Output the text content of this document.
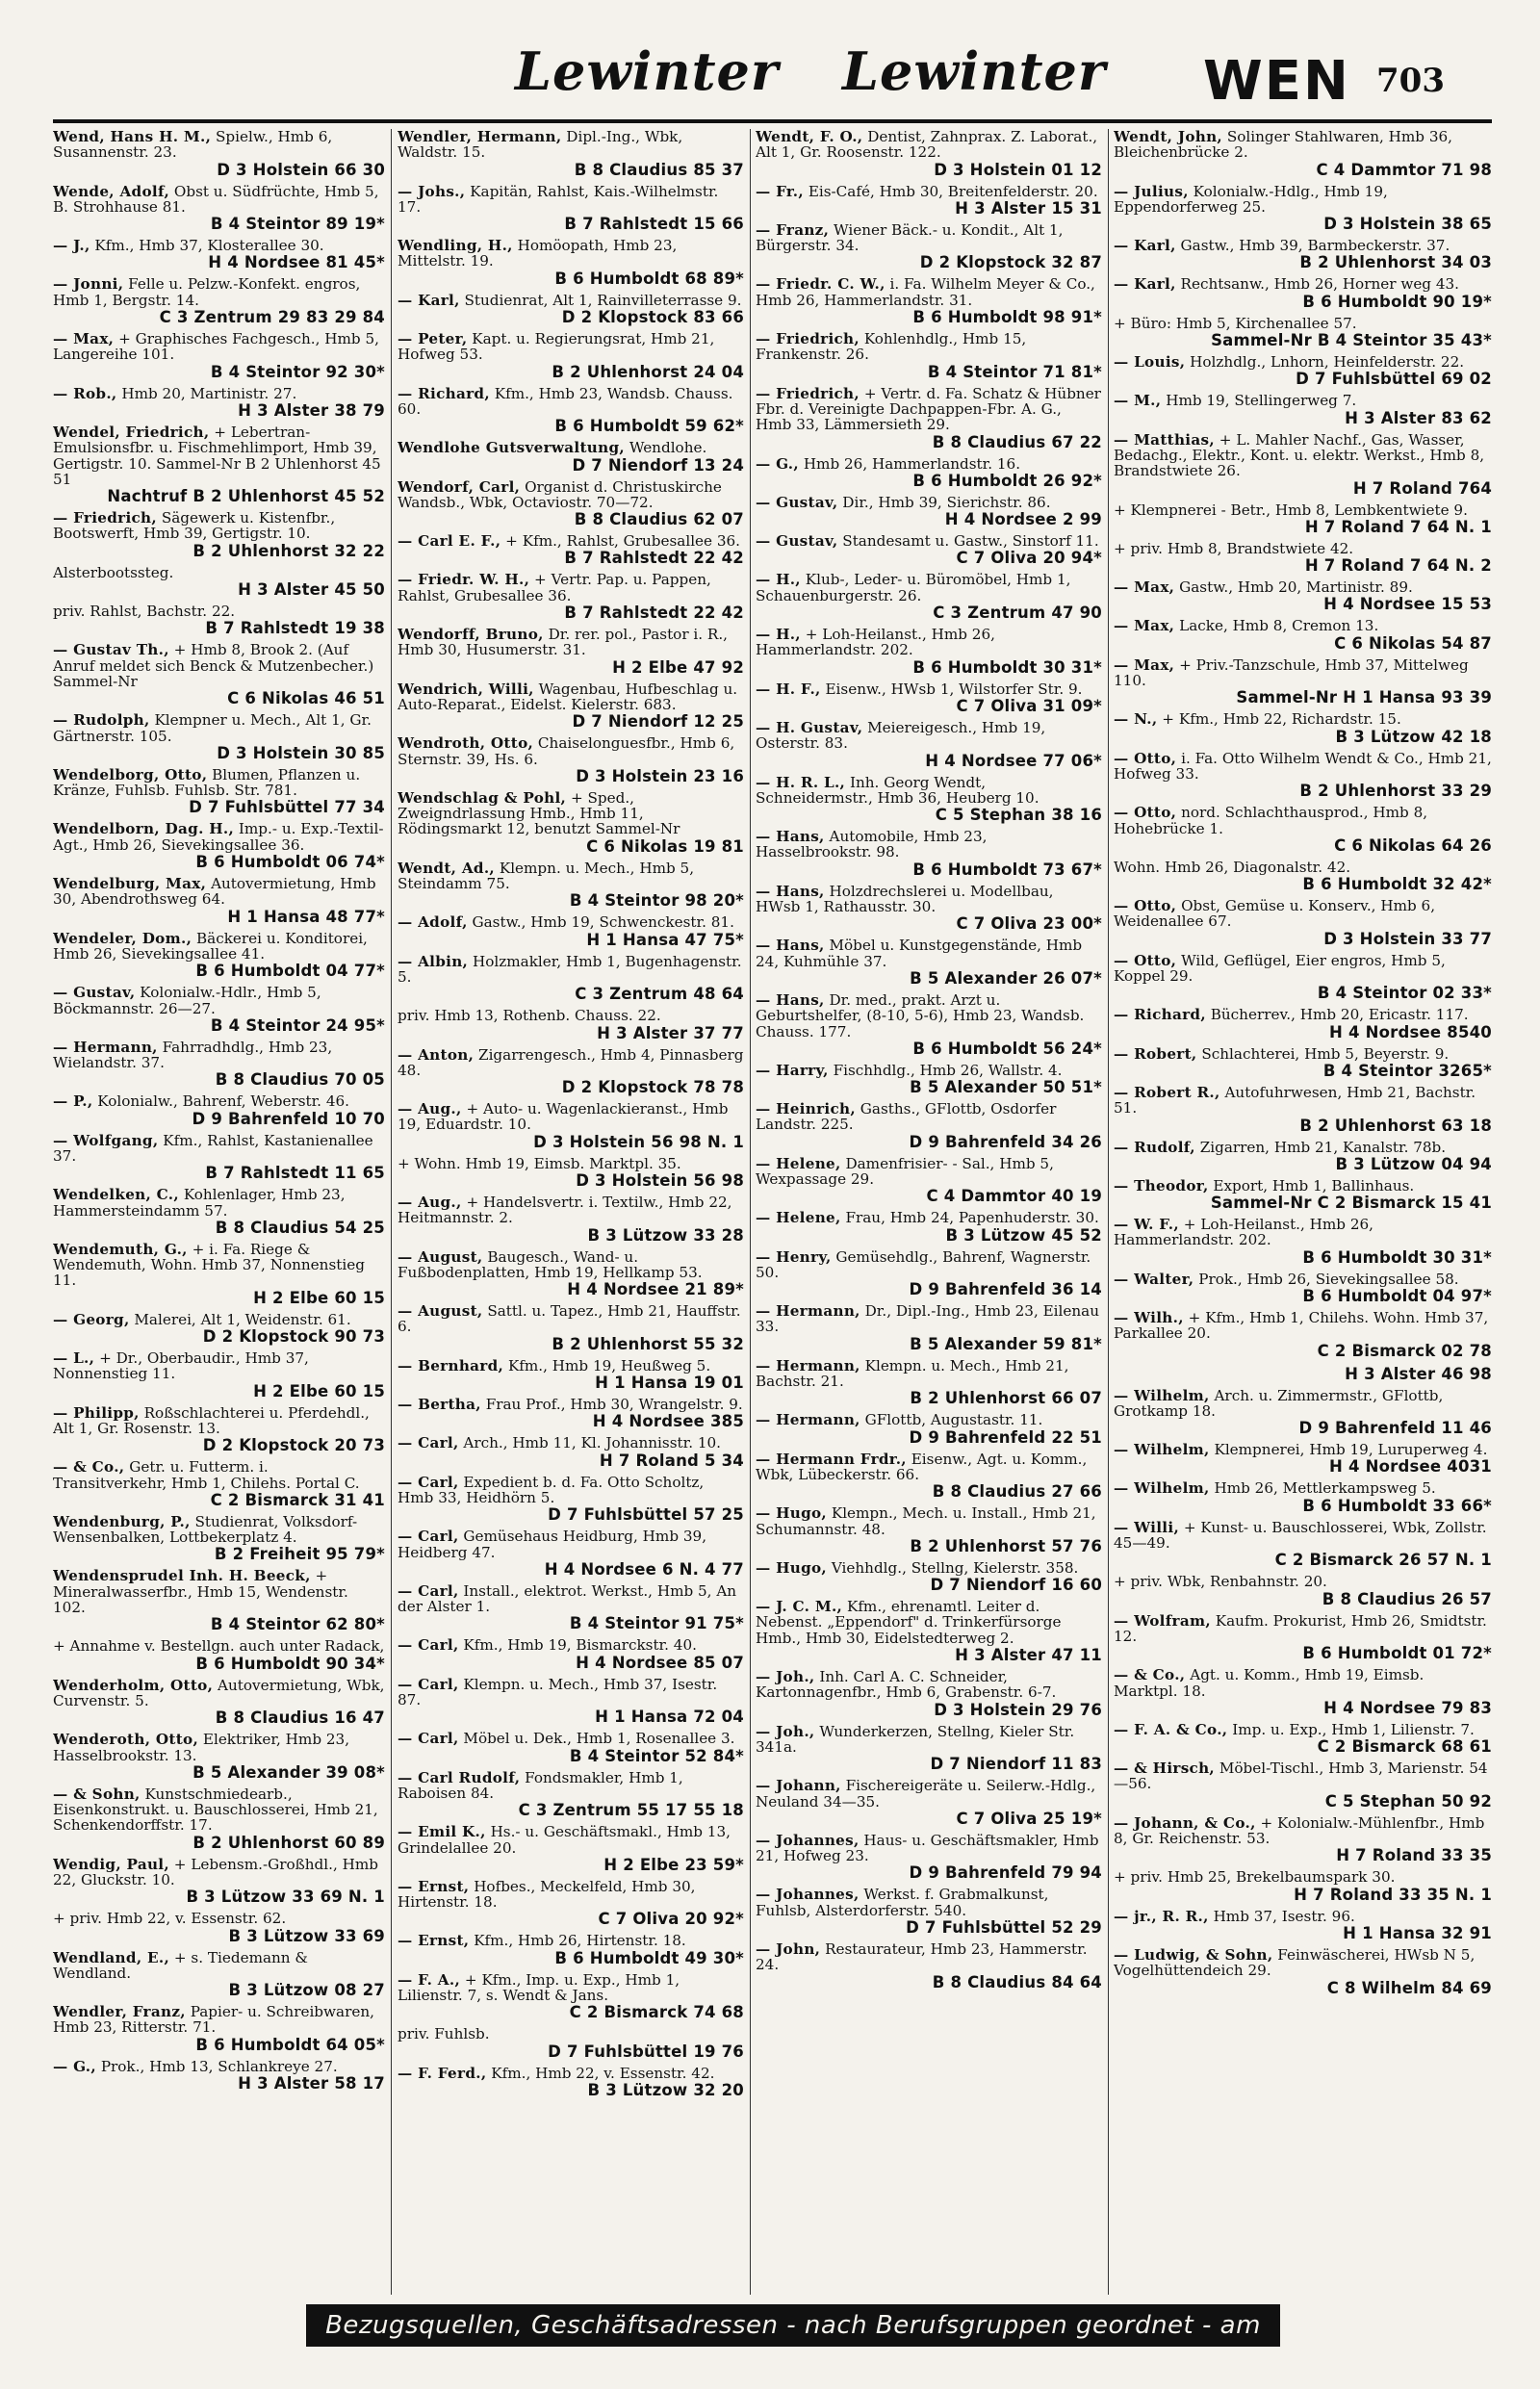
Lewinter Lewinter WEN 703
Wend, Hans H. M., Spielw., Hmb 6, Susannenstr. 23.
D 3 Holstein 66 30
Wende, Adolf, Obst u. Südfrüchte, Hmb 5, B. Strohhause 81.
B 4 Steintor 89 19*
— J., Kfm., Hmb 37, Klosterallee 30.
H 4 Nordsee 81 45*
— Jonni, Felle u. Pelzw.-Konfekt. engros, Hmb 1, Bergstr. 14.
C 3 Zentrum 29 83 29 84
— Max, + Graphisches Fachgesch., Hmb 5, Langereihe 101.
B 4 Steintor 92 30*
— Rob., Hmb 20, Martinistr. 27.
H 3 Alster 38 79
Wendel, Friedrich, + Lebertran-Emulsionsfbr. u. Fischmehlimport, Hmb 39, Gertigstr. 10. Sammel-Nr B 2 Uhlenhorst 45 51
Nachtruf B 2 Uhlenhorst 45 52
— Friedrich, Sägewerk u. Kistenfbr., Bootswerft, Hmb 39, Gertigstr. 10.
B 2 Uhlenhorst 32 22
Alsterbootssteg.
H 3 Alster 45 50
priv. Rahlst, Bachstr. 22.
B 7 Rahlstedt 19 38
— Gustav Th., + Hmb 8, Brook 2. (Auf Anruf meldet sich Benck & Mutzenbecher.) Sammel-Nr
C 6 Nikolas 46 51
— Rudolph, Klempner u. Mech., Alt 1, Gr. Gärtnerstr. 105.
D 3 Holstein 30 85
Wendelborg, Otto, Blumen, Pflanzen u. Kränze, Fuhlsb. Fuhlsb. Str. 781.
D 7 Fuhlsbüttel 77 34
Wendelborn, Dag. H., Imp.- u. Exp.-Textil-Agt., Hmb 26, Sievekingsallee 36.
B 6 Humboldt 06 74*
Wendelburg, Max, Autovermietung, Hmb 30, Abendrothsweg 64.
H 1 Hansa 48 77*
Wendeler, Dom., Bäckerei u. Konditorei, Hmb 26, Sievekingsallee 41.
B 6 Humboldt 04 77*
— Gustav, Kolonialw.-Hdlr., Hmb 5, Böckmannstr. 26—27.
B 4 Steintor 24 95*
— Hermann, Fahrradhdlg., Hmb 23, Wielandstr. 37.
B 8 Claudius 70 05
— P., Kolonialw., Bahrenf, Weberstr. 46.
D 9 Bahrenfeld 10 70
— Wolfgang, Kfm., Rahlst, Kastanienallee 37.
B 7 Rahlstedt 11 65
Wendelken, C., Kohlenlager, Hmb 23, Hammersteindamm 57.
B 8 Claudius 54 25
Wendemuth, G., + i. Fa. Riege & Wendemuth, Wohn. Hmb 37, Nonnenstieg 11.
H 2 Elbe 60 15
— Georg, Malerei, Alt 1, Weidenstr. 61.
D 2 Klopstock 90 73
— L., + Dr., Oberbaudir., Hmb 37, Nonnenstieg 11.
H 2 Elbe 60 15
— Philipp, Roßschlachterei u. Pferdehdl., Alt 1, Gr. Rosenstr. 13.
D 2 Klopstock 20 73
— & Co., Getr. u. Futterm. i. Transitverkehr, Hmb 1, Chilehs. Portal C.
C 2 Bismarck 31 41
Wendenburg, P., Studienrat, Volksdorf-Wensenbalken, Lottbekerplatz 4.
B 2 Freiheit 95 79*
Wendensprudel Inh. H. Beeck, + Mineralwasserfbr., Hmb 15, Wendenstr. 102.
B 4 Steintor 62 80*
+ Annahme v. Bestellgn. auch unter Radack,
B 6 Humboldt 90 34*
Wenderholm, Otto, Autovermietung, Wbk, Curvenstr. 5.
B 8 Claudius 16 47
Wenderoth, Otto, Elektriker, Hmb 23, Hasselbrookstr. 13.
B 5 Alexander 39 08*
— & Sohn, Kunstschmiedearb., Eisenkonstrukt. u. Bauschlosserei, Hmb 21, Schenkendorffstr. 17.
B 2 Uhlenhorst 60 89
Wendig, Paul, + Lebensm.-Großhdl., Hmb 22, Gluckstr. 10.
B 3 Lützow 33 69 N. 1
+ priv. Hmb 22, v. Essenstr. 62.
B 3 Lützow 33 69
Wendland, E., + s. Tiedemann & Wendland.
B 3 Lützow 08 27
Wendler, Franz, Papier- u. Schreibwaren, Hmb 23, Ritterstr. 71.
B 6 Humboldt 64 05*
— G., Prok., Hmb 13, Schlankreye 27.
H 3 Alster 58 17
Wendler, Hermann, Dipl.-Ing., Wbk, Waldstr. 15.
B 8 Claudius 85 37
— Johs., Kapitän, Rahlst, Kais.-Wilhelmstr. 17.
B 7 Rahlstedt 15 66
Wendling, H., Homöopath, Hmb 23, Mittelstr. 19.
B 6 Humboldt 68 89*
— Karl, Studienrat, Alt 1, Rainvilleterrasse 9.
D 2 Klopstock 83 66
— Peter, Kapt. u. Regierungsrat, Hmb 21, Hofweg 53.
B 2 Uhlenhorst 24 04
— Richard, Kfm., Hmb 23, Wandsb. Chauss. 60.
B 6 Humboldt 59 62*
Wendlohe Gutsverwaltung, Wendlohe.
D 7 Niendorf 13 24
Wendorf, Carl, Organist d. Christuskirche Wandsb., Wbk, Octaviostr. 70—72.
B 8 Claudius 62 07
— Carl E. F., + Kfm., Rahlst, Grubesallee 36.
B 7 Rahlstedt 22 42
— Friedr. W. H., + Vertr. Pap. u. Pappen, Rahlst, Grubesallee 36.
B 7 Rahlstedt 22 42
Wendorff, Bruno, Dr. rer. pol., Pastor i. R., Hmb 30, Husumerstr. 31.
H 2 Elbe 47 92
Wendrich, Willi, Wagenbau, Hufbeschlag u. Auto-Reparat., Eidelst. Kielerstr. 683.
D 7 Niendorf 12 25
Wendroth, Otto, Chaiselonguesfbr., Hmb 6, Sternstr. 39, Hs. 6.
D 3 Holstein 23 16
Wendschlag & Pohl, + Sped., Zweigndrlassung Hmb., Hmb 11, Rödingsmarkt 12, benutzt Sammel-Nr
C 6 Nikolas 19 81
Wendt, Ad., Klempn. u. Mech., Hmb 5, Steindamm 75.
B 4 Steintor 98 20*
— Adolf, Gastw., Hmb 19, Schwenckestr. 81.
H 1 Hansa 47 75*
— Albin, Holzmakler, Hmb 1, Bugenhagenstr. 5.
C 3 Zentrum 48 64
priv. Hmb 13, Rothenb. Chauss. 22.
H 3 Alster 37 77
— Anton, Zigarrengesch., Hmb 4, Pinnasberg 48.
D 2 Klopstock 78 78
— Aug., + Auto- u. Wagenlackieranst., Hmb 19, Eduardstr. 10.
D 3 Holstein 56 98 N. 1
+ Wohn. Hmb 19, Eimsb. Marktpl. 35.
D 3 Holstein 56 98
— Aug., + Handelsvertr. i. Textilw., Hmb 22, Heitmannstr. 2.
B 3 Lützow 33 28
— August, Baugesch., Wand- u. Fußbodenplatten, Hmb 19, Hellkamp 53.
H 4 Nordsee 21 89*
— August, Sattl. u. Tapez., Hmb 21, Hauffstr. 6.
B 2 Uhlenhorst 55 32
— Bernhard, Kfm., Hmb 19, Heußweg 5.
H 1 Hansa 19 01
— Bertha, Frau Prof., Hmb 30, Wrangelstr. 9.
H 4 Nordsee 385
— Carl, Arch., Hmb 11, Kl. Johannisstr. 10.
H 7 Roland 5 34
— Carl, Expedient b. d. Fa. Otto Scholtz, Hmb 33, Heidhörn 5.
D 7 Fuhlsbüttel 57 25
— Carl, Gemüsehaus Heidburg, Hmb 39, Heidberg 47.
H 4 Nordsee 6 N. 4 77
— Carl, Install., elektrot. Werkst., Hmb 5, An der Alster 1.
B 4 Steintor 91 75*
— Carl, Kfm., Hmb 19, Bismarckstr. 40.
H 4 Nordsee 85 07
— Carl, Klempn. u. Mech., Hmb 37, Isestr. 87.
H 1 Hansa 72 04
— Carl, Möbel u. Dek., Hmb 1, Rosenallee 3.
B 4 Steintor 52 84*
— Carl Rudolf, Fondsmakler, Hmb 1, Raboisen 84.
C 3 Zentrum 55 17 55 18
— Emil K., Hs.- u. Geschäftsmakl., Hmb 13, Grindelallee 20.
H 2 Elbe 23 59*
— Ernst, Hofbes., Meckelfeld, Hmb 30, Hirtenstr. 18.
C 7 Oliva 20 92*
— Ernst, Kfm., Hmb 26, Hirtenstr. 18.
B 6 Humboldt 49 30*
— F. A., + Kfm., Imp. u. Exp., Hmb 1, Lilienstr. 7, s. Wendt & Jans.
C 2 Bismarck 74 68
priv. Fuhlsb.
D 7 Fuhlsbüttel 19 76
— F. Ferd., Kfm., Hmb 22, v. Essenstr. 42.
B 3 Lützow 32 20
Wendt, F. O., Dentist, Zahnprax. Z. Laborat., Alt 1, Gr. Roosenstr. 122.
D 3 Holstein 01 12
— Fr., Eis-Café, Hmb 30, Breitenfelderstr. 20.
H 3 Alster 15 31
— Franz, Wiener Bäck.- u. Kondit., Alt 1, Bürgerstr. 34.
D 2 Klopstock 32 87
— Friedr. C. W., i. Fa. Wilhelm Meyer & Co., Hmb 26, Hammerlandstr. 31.
B 6 Humboldt 98 91*
— Friedrich, Kohlenhdlg., Hmb 15, Frankenstr. 26.
B 4 Steintor 71 81*
— Friedrich, + Vertr. d. Fa. Schatz & Hübner Fbr. d. Vereinigte Dachpappen-Fbr. A. G., Hmb 33, Lämmersieth 29.
B 8 Claudius 67 22
— G., Hmb 26, Hammerlandstr. 16.
B 6 Humboldt 26 92*
— Gustav, Dir., Hmb 39, Sierichstr. 86.
H 4 Nordsee 2 99
— Gustav, Standesamt u. Gastw., Sinstorf 11.
C 7 Oliva 20 94*
— H., Klub-, Leder- u. Büromöbel, Hmb 1, Schauenburgerstr. 26.
C 3 Zentrum 47 90
— H., + Loh-Heilanst., Hmb 26, Hammerlandstr. 202.
B 6 Humboldt 30 31*
— H. F., Eisenw., HWsb 1, Wilstorfer Str. 9.
C 7 Oliva 31 09*
— H. Gustav, Meiereigesch., Hmb 19, Osterstr. 83.
H 4 Nordsee 77 06*
— H. R. L., Inh. Georg Wendt, Schneidermstr., Hmb 36, Heuberg 10.
C 5 Stephan 38 16
— Hans, Automobile, Hmb 23, Hasselbrookstr. 98.
B 6 Humboldt 73 67*
— Hans, Holzdrechslerei u. Modellbau, HWsb 1, Rathausstr. 30.
C 7 Oliva 23 00*
— Hans, Möbel u. Kunstgegenstände, Hmb 24, Kuhmühle 37.
B 5 Alexander 26 07*
— Hans, Dr. med., prakt. Arzt u. Geburtshelfer, (8-10, 5-6), Hmb 23, Wandsb. Chauss. 177.
B 6 Humboldt 56 24*
— Harry, Fischhdlg., Hmb 26, Wallstr. 4.
B 5 Alexander 50 51*
— Heinrich, Gasths., GFlottb, Osdorfer Landstr. 225.
D 9 Bahrenfeld 34 26
— Helene, Damenfrisier- - Sal., Hmb 5, Wexpassage 29.
C 4 Dammtor 40 19
— Helene, Frau, Hmb 24, Papenhuderstr. 30.
B 3 Lützow 45 52
— Henry, Gemüsehdlg., Bahrenf, Wagnerstr. 50.
D 9 Bahrenfeld 36 14
— Hermann, Dr., Dipl.-Ing., Hmb 23, Eilenau 33.
B 5 Alexander 59 81*
— Hermann, Klempn. u. Mech., Hmb 21, Bachstr. 21.
B 2 Uhlenhorst 66 07
— Hermann, GFlottb, Augustastr. 11.
D 9 Bahrenfeld 22 51
— Hermann Frdr., Eisenw., Agt. u. Komm., Wbk, Lübeckerstr. 66.
B 8 Claudius 27 66
— Hugo, Klempn., Mech. u. Install., Hmb 21, Schumannstr. 48.
B 2 Uhlenhorst 57 76
— Hugo, Viehhdlg., Stellng, Kielerstr. 358.
D 7 Niendorf 16 60
— J. C. M., Kfm., ehrenamtl. Leiter d. Nebenst. „Eppendorf" d. Trinkerfürsorge Hmb., Hmb 30, Eidelstedterweg 2.
H 3 Alster 47 11
— Joh., Inh. Carl A. C. Schneider, Kartonnagenfbr., Hmb 6, Grabenstr. 6-7.
D 3 Holstein 29 76
— Joh., Wunderkerzen, Stellng, Kieler Str. 341a.
D 7 Niendorf 11 83
— Johann, Fischereigeräte u. Seilerw.-Hdlg., Neuland 34—35.
C 7 Oliva 25 19*
— Johannes, Haus- u. Geschäftsmakler, Hmb 21, Hofweg 23.
D 9 Bahrenfeld 79 94
— Johannes, Werkst. f. Grabmalkunst, Fuhlsb, Alsterdorferstr. 540.
D 7 Fuhlsbüttel 52 29
— John, Restaurateur, Hmb 23, Hammerstr. 24.
B 8 Claudius 84 64
Wendt, John, Solinger Stahlwaren, Hmb 36, Bleichenbrücke 2.
C 4 Dammtor 71 98
— Julius, Kolonialw.-Hdlg., Hmb 19, Eppendorferweg 25.
D 3 Holstein 38 65
— Karl, Gastw., Hmb 39, Barmbeckerstr. 37.
B 2 Uhlenhorst 34 03
— Karl, Rechtsanw., Hmb 26, Horner weg 43.
B 6 Humboldt 90 19*
+ Büro: Hmb 5, Kirchenallee 57.
Sammel-Nr B 4 Steintor 35 43*
— Louis, Holzhdlg., Lnhorn, Heinfelderstr. 22.
D 7 Fuhlsbüttel 69 02
— M., Hmb 19, Stellingerweg 7.
H 3 Alster 83 62
— Matthias, + L. Mahler Nachf., Gas, Wasser, Bedachg., Elektr., Kont. u. elektr. Werkst., Hmb 8, Brandstwiete 26.
H 7 Roland 764
+ Klempnerei - Betr., Hmb 8, Lembkentwiete 9.
H 7 Roland 7 64 N. 1
+ priv. Hmb 8, Brandstwiete 42.
H 7 Roland 7 64 N. 2
— Max, Gastw., Hmb 20, Martinistr. 89.
H 4 Nordsee 15 53
— Max, Lacke, Hmb 8, Cremon 13.
C 6 Nikolas 54 87
— Max, + Priv.-Tanzschule, Hmb 37, Mittelweg 110.
Sammel-Nr H 1 Hansa 93 39
— N., + Kfm., Hmb 22, Richardstr. 15.
B 3 Lützow 42 18
— Otto, i. Fa. Otto Wilhelm Wendt & Co., Hmb 21, Hofweg 33.
B 2 Uhlenhorst 33 29
— Otto, nord. Schlachthausprod., Hmb 8, Hohebrücke 1.
C 6 Nikolas 64 26
Wohn. Hmb 26, Diagonalstr. 42.
B 6 Humboldt 32 42*
— Otto, Obst, Gemüse u. Konserv., Hmb 6, Weidenallee 67.
D 3 Holstein 33 77
— Otto, Wild, Geflügel, Eier engros, Hmb 5, Koppel 29.
B 4 Steintor 02 33*
— Richard, Bücherrev., Hmb 20, Ericastr. 117.
H 4 Nordsee 8540
— Robert, Schlachterei, Hmb 5, Beyerstr. 9.
B 4 Steintor 3265*
— Robert R., Autofuhrwesen, Hmb 21, Bachstr. 51.
B 2 Uhlenhorst 63 18
— Rudolf, Zigarren, Hmb 21, Kanalstr. 78b.
B 3 Lützow 04 94
— Theodor, Export, Hmb 1, Ballinhaus.
Sammel-Nr C 2 Bismarck 15 41
— W. F., + Loh-Heilanst., Hmb 26, Hammerlandstr. 202.
B 6 Humboldt 30 31*
— Walter, Prok., Hmb 26, Sievekingsallee 58.
B 6 Humboldt 04 97*
— Wilh., + Kfm., Hmb 1, Chilehs. Wohn. Hmb 37, Parkallee 20.
C 2 Bismarck 02 78
H 3 Alster 46 98
— Wilhelm, Arch. u. Zimmermstr., GFlottb, Grotkamp 18.
D 9 Bahrenfeld 11 46
— Wilhelm, Klempnerei, Hmb 19, Luruperweg 4.
H 4 Nordsee 4031
— Wilhelm, Hmb 26, Mettlerkampsweg 5.
B 6 Humboldt 33 66*
— Willi, + Kunst- u. Bauschlosserei, Wbk, Zollstr. 45—49.
C 2 Bismarck 26 57 N. 1
+ priv. Wbk, Renbahnstr. 20.
B 8 Claudius 26 57
— Wolfram, Kaufm. Prokurist, Hmb 26, Smidtstr. 12.
B 6 Humboldt 01 72*
— & Co., Agt. u. Komm., Hmb 19, Eimsb. Marktpl. 18.
H 4 Nordsee 79 83
— F. A. & Co., Imp. u. Exp., Hmb 1, Lilienstr. 7.
C 2 Bismarck 68 61
— & Hirsch, Möbel-Tischl., Hmb 3, Marienstr. 54—56.
C 5 Stephan 50 92
— Johann, & Co., + Kolonialw.-Mühlenfbr., Hmb 8, Gr. Reichenstr. 53.
H 7 Roland 33 35
+ priv. Hmb 25, Brekelbaumspark 30.
H 7 Roland 33 35 N. 1
— jr., R. R., Hmb 37, Isestr. 96.
H 1 Hansa 32 91
— Ludwig, & Sohn, Feinwäscherei, HWsb N 5, Vogelhüttendeich 29.
C 8 Wilhelm 84 69
Bezugsquellen, Geschäftsadressen - nach Berufsgruppen geordnet - am Ende des Buches
